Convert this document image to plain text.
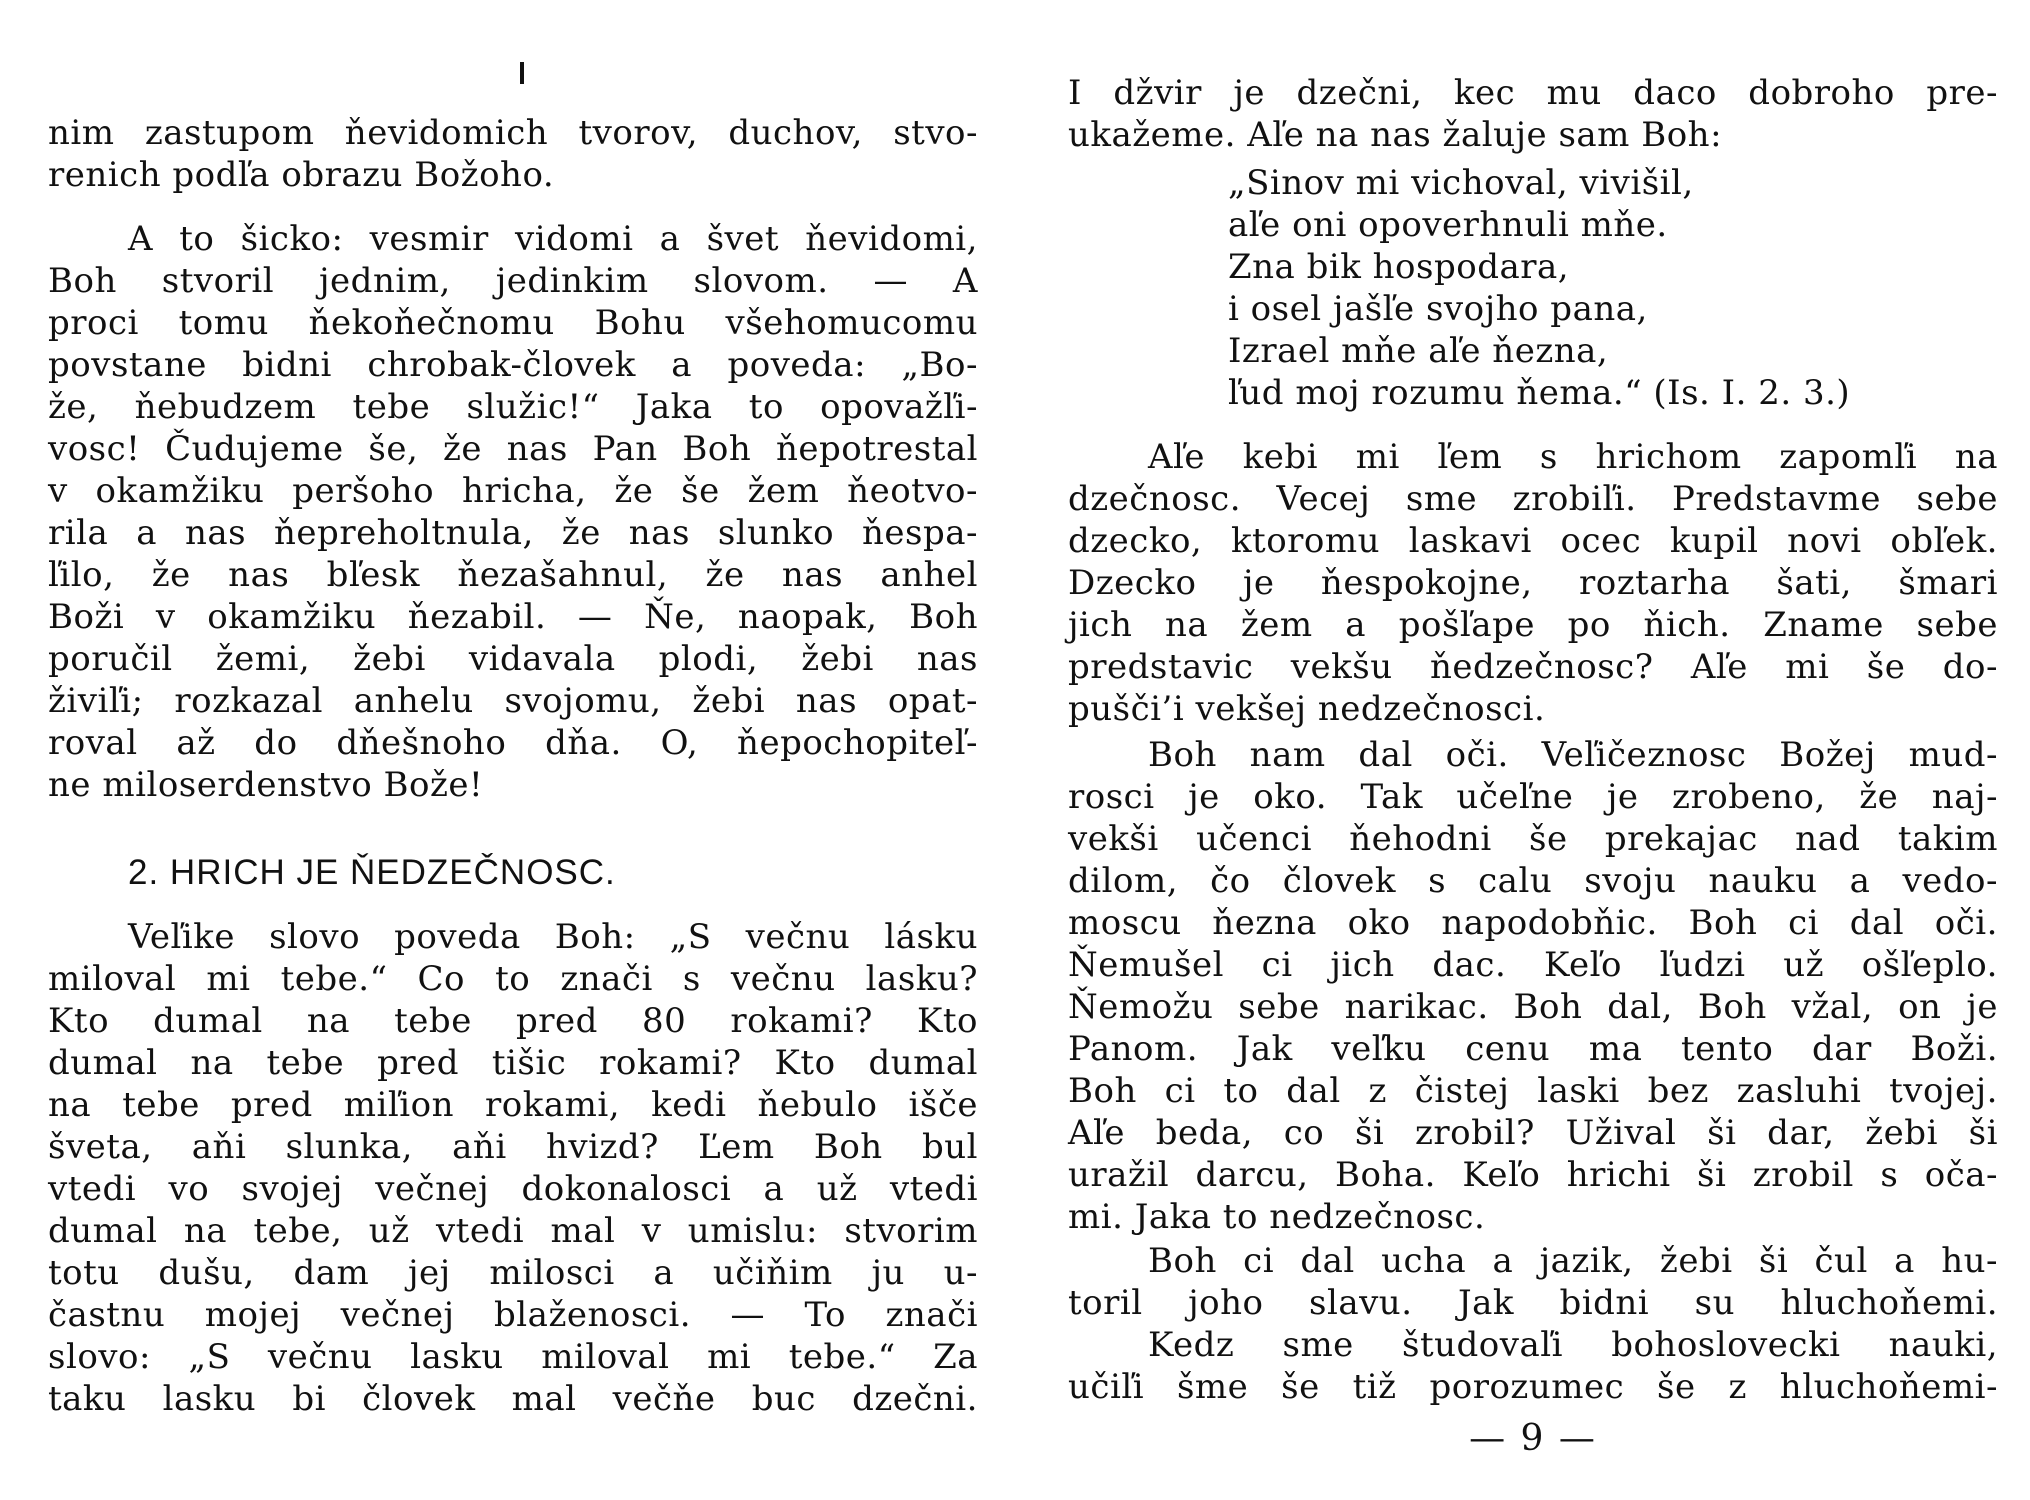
nim zastupom ňevidomich tvorov, duchov, stvo-
renich podľa obrazu Božoho.
A to šicko: vesmir vidomi a švet ňevidomi,
Boh stvoril jednim, jedinkim slovom. — A
proci tomu ňekoňečnomu Bohu všehomucomu
povstane bidni chrobak-človek a poveda: „Bo-
že, ňebudzem tebe služic!“ Jaka to opovažľi-
vosc! Čudujeme še, že nas Pan Boh ňepotrestal
v okamžiku peršoho hricha, že še žem ňeotvo-
rila a nas ňepreholtnula, že nas slunko ňespa-
ľilo, že nas bľesk ňezašahnul, že nas anhel
Boži v okamžiku ňezabil. — Ňe, naopak, Boh
poručil žemi, žebi vidavala plodi, žebi nas
živiľi; rozkazal anhelu svojomu, žebi nas opat-
roval až do dňešnoho dňa. O, ňepochopiteľ-
ne miloserdenstvo Bože!
2. HRICH JE ŇEDZEČNOSC.
Veľike slovo poveda Boh: „S večnu lásku
miloval mi tebe.“ Co to znači s večnu lasku?
Kto dumal na tebe pred 80 rokami? Kto
dumal na tebe pred tišic rokami? Kto dumal
na tebe pred miľion rokami, kedi ňebulo išče
šveta, aňi slunka, aňi hvizd? Ľem Boh bul
vtedi vo svojej večnej dokonalosci a už vtedi
dumal na tebe, už vtedi mal v umislu: stvorim
totu dušu, dam jej milosci a učiňim ju u-
častnu mojej večnej blaženosci. — To znači
slovo: „S večnu lasku miloval mi tebe.“ Za
taku lasku bi človek mal večňe buc dzečni.
I džvir je dzečni, kec mu daco dobroho pre-
ukažeme. Aľe na nas žaluje sam Boh:
„Sinov mi vichoval, vivišil,
aľe oni opoverhnuli mňe.
Zna bik hospodara,
i osel jašľe svojho pana,
Izrael mňe aľe ňezna,
ľud moj rozumu ňema.“ (Is. I. 2. 3.)
Aľe kebi mi ľem s hrichom zapomľi na
dzečnosc. Vecej sme zrobiľi. Predstavme sebe
dzecko, ktoromu laskavi ocec kupil novi obľek.
Dzecko je ňespokojne, roztarha šati, šmari
jich na žem a pošľape po ňich. Zname sebe
predstavic vekšu ňedzečnosc? Aľe mi še do-
pušči’i vekšej nedzečnosci.
Boh nam dal oči. Veľičeznosc Božej mud-
rosci je oko. Tak učeľne je zrobeno, že naj-
vekši učenci ňehodni še prekajac nad takim
dilom, čo človek s calu svoju nauku a vedo-
moscu ňezna oko napodobňic. Boh ci dal oči.
Ňemušel ci jich dac. Keľo ľudzi už ošľeplo.
Ňemožu sebe narikac. Boh dal, Boh vžal, on je
Panom. Jak veľku cenu ma tento dar Boži.
Boh ci to dal z čistej laski bez zasluhi tvojej.
Aľe beda, co ši zrobil? Užival ši dar, žebi ši
uražil darcu, Boha. Keľo hrichi ši zrobil s oča-
mi. Jaka to nedzečnosc.
Boh ci dal ucha a jazik, žebi ši čul a hu-
toril joho slavu. Jak bidni su hluchoňemi.
Kedz sme študovaľi bohoslovecki nauki,
učiľi šme še tiž porozumec še z hluchoňemi-
— 9 —
